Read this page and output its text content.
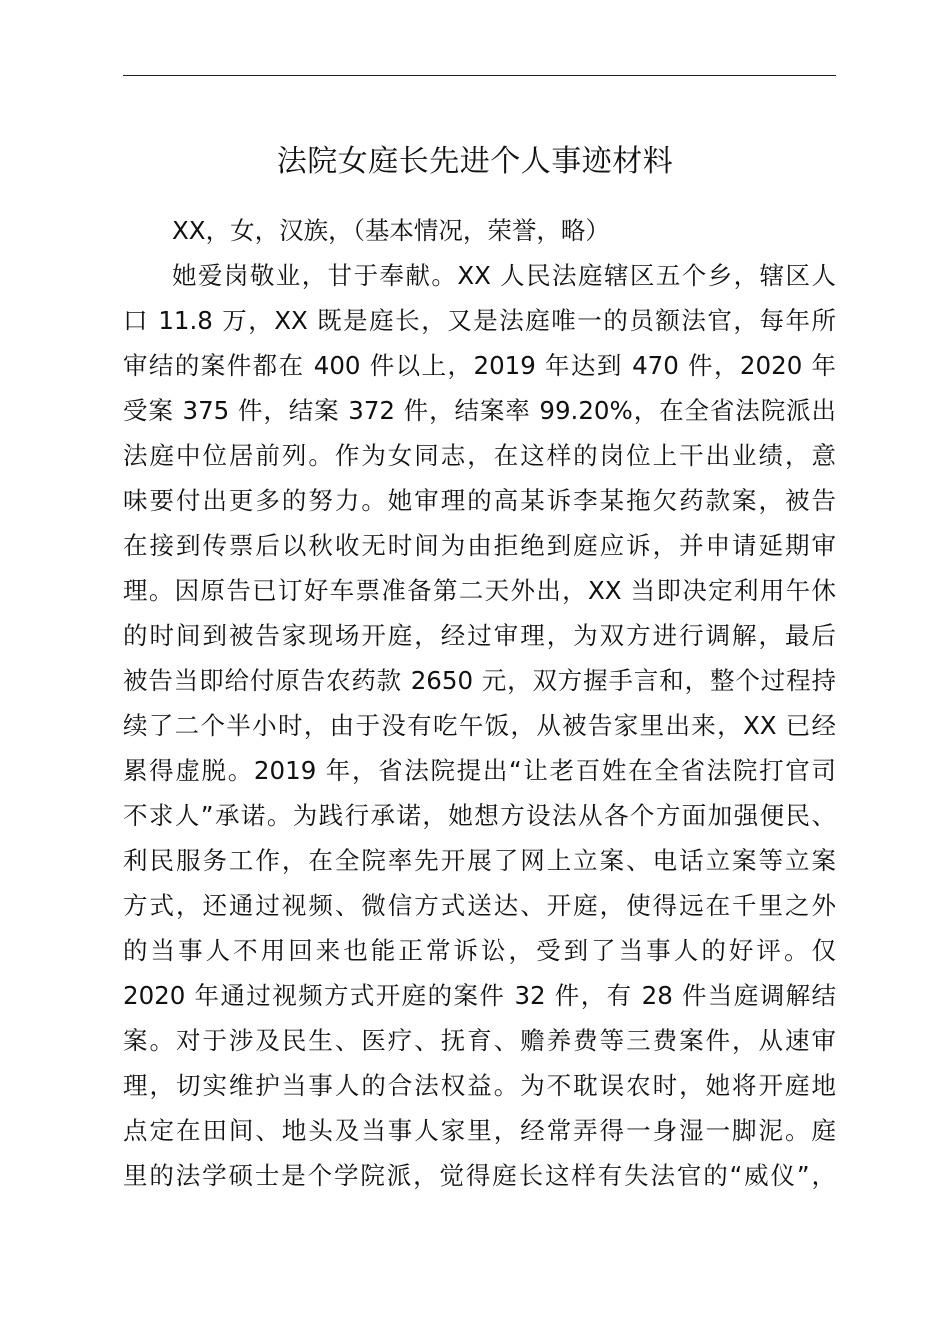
法院女庭长先进个人事迹材料
XX，女，汉族，（基本情况，荣誉，略）
她爱岗敬业，甘于奉献。XX 人民法庭辖区五个乡，辖区人
口 11.8 万，XX 既是庭长，又是法庭唯一的员额法官，每年所
审结的案件都在 400 件以上，2019 年达到 470 件，2020 年
受案 375 件，结案 372 件，结案率 99.20%，在全省法院派出
法庭中位居前列。作为女同志，在这样的岗位上干出业绩，意
味要付出更多的努力。她审理的高某诉李某拖欠药款案，被告
在接到传票后以秋收无时间为由拒绝到庭应诉，并申请延期审
理。因原告已订好车票准备第二天外出，XX 当即决定利用午休
的时间到被告家现场开庭，经过审理，为双方进行调解，最后
被告当即给付原告农药款 2650 元，双方握手言和，整个过程持
续了二个半小时，由于没有吃午饭，从被告家里出来，XX 已经
累得虚脱。2019 年，省法院提出“让老百姓在全省法院打官司
不求人”承诺。为践行承诺，她想方设法从各个方面加强便民、
利民服务工作，在全院率先开展了网上立案、电话立案等立案
方式，还通过视频、微信方式送达、开庭，使得远在千里之外
的当事人不用回来也能正常诉讼，受到了当事人的好评。仅
2020 年通过视频方式开庭的案件 32 件，有 28 件当庭调解结
案。对于涉及民生、医疗、抚育、赡养费等三费案件，从速审
理，切实维护当事人的合法权益。为不耽误农时，她将开庭地
点定在田间、地头及当事人家里，经常弄得一身湿一脚泥。庭
里的法学硕士是个学院派，觉得庭长这样有失法官的“威仪”，
